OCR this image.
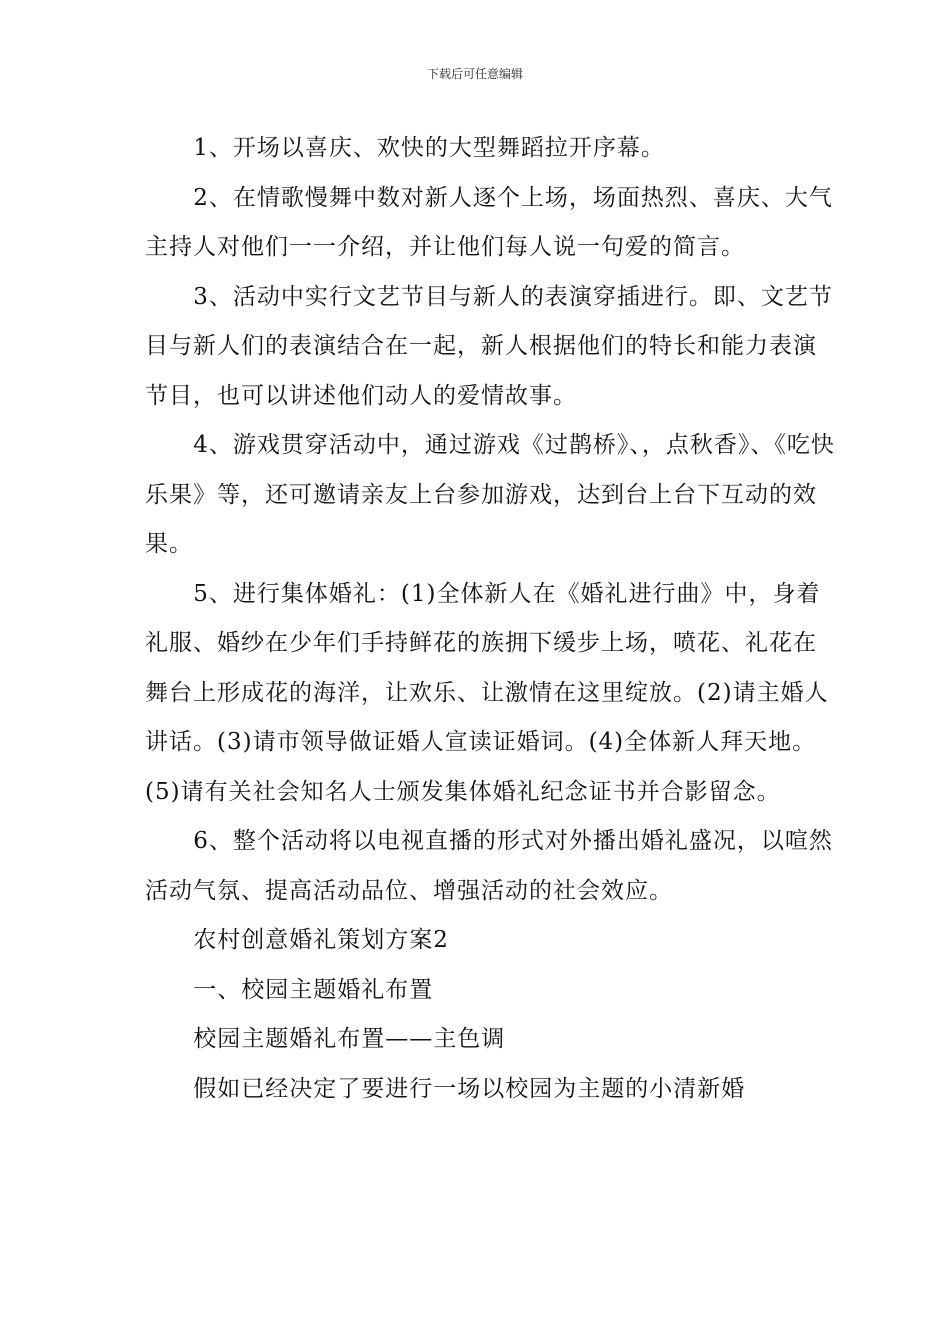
下载后可任意编辑

1、开场以喜庆、欢快的大型舞蹈拉开序幕。

2、在情歌慢舞中数对新人逐个上场，场面热烈、喜庆、大气主持人对他们一一介绍，并让他们每人说一句爱的简言。

3、活动中实行文艺节目与新人的表演穿插进行。即、文艺节目与新人们的表演结合在一起，新人根据他们的特长和能力表演节目，也可以讲述他们动人的爱情故事。

4、游戏贯穿活动中，通过游戏《过鹊桥》、，点秋香》、《吃快乐果》等，还可邀请亲友上台参加游戏，达到台上台下互动的效果。

5、进行集体婚礼：(1)全体新人在《婚礼进行曲》中，身着礼服、婚纱在少年们手持鲜花的族拥下缓步上场，喷花、礼花在舞台上形成花的海洋，让欢乐、让激情在这里绽放。(2)请主婚人讲话。(3)请市领导做证婚人宣读证婚词。(4)全体新人拜天地。(5)请有关社会知名人士颁发集体婚礼纪念证书并合影留念。

6、整个活动将以电视直播的形式对外播出婚礼盛况，以喧然活动气氛、提高活动品位、增强活动的社会效应。

农村创意婚礼策划方案2

一、校园主题婚礼布置

校园主题婚礼布置——主色调

假如已经决定了要进行一场以校园为主题的小清新婚
